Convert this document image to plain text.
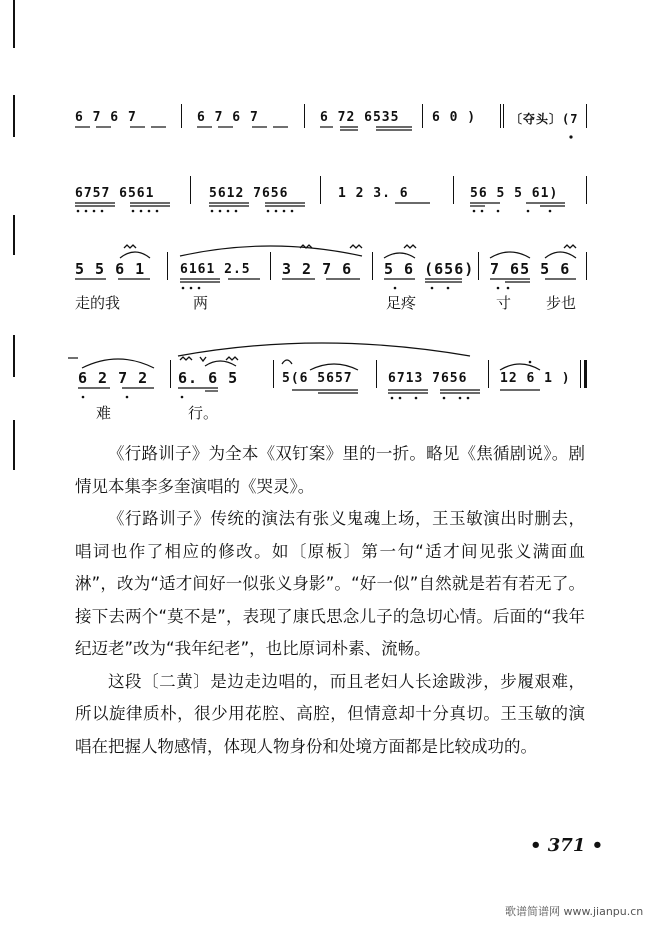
6 7 6 7	6 7 6 7	6 72 6535	6 0 )	〔夺头〕(7
6757 6561	5612 7656	1 2 3. 6	56 5 5 61)
5 5 6 1	6161 2.5 3 2 7 6 5 6 (656) 7 65 5 6
走的我	两	足疼	寸 步也
6 2 7 2 6. 6 5	5(6 5657	6713 7656	12 6 1 )
难	行。

《行路训子》为全本《双钉案》里的一折。略见《焦循剧说》。剧情见本集李多奎演唱的《哭灵》。

《行路训子》传统的演法有张义鬼魂上场，王玉敏演出时删去，唱词也作了相应的修改。如〔原板〕第一句“适才间见张义满面血淋”，改为“适才间好一似张义身影”。“好一似”自然就是若有若无了。接下去两个“莫不是”，表现了康氏思念儿子的急切心情。后面的“我年纪迈老”改为“我年纪老”，也比原词朴素、流畅。

这段〔二黄〕是边走边唱的，而且老妇人长途跋涉，步履艰难，所以旋律质朴，很少用花腔、高腔，但情意却十分真切。王玉敏的演唱在把握人物感情，体现人物身份和处境方面都是比较成功的。

• 371 •
歌谱简谱网 www.jianpu.cn
